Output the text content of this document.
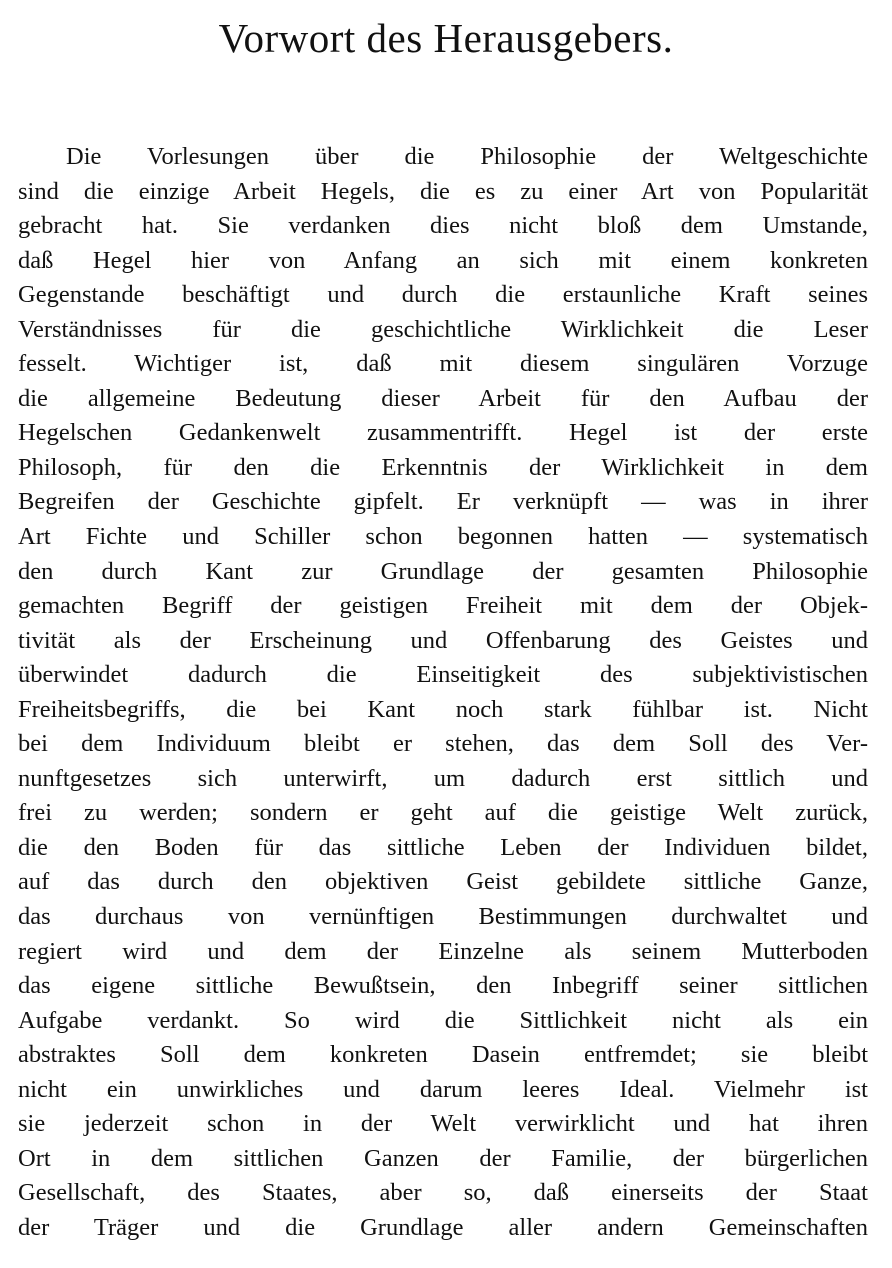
Vorwort des Herausgebers.
Die Vorlesungen über die Philosophie der Weltgeschichte
sind die einzige Arbeit Hegels, die es zu einer Art von Popularität
gebracht hat. Sie verdanken dies nicht bloß dem Umstande,
daß Hegel hier von Anfang an sich mit einem konkreten
Gegenstande beschäftigt und durch die erstaunliche Kraft seines
Verständnisses für die geschichtliche Wirklichkeit die Leser
fesselt. Wichtiger ist, daß mit diesem singulären Vorzuge
die allgemeine Bedeutung dieser Arbeit für den Aufbau der
Hegelschen Gedankenwelt zusammentrifft. Hegel ist der erste
Philosoph, für den die Erkenntnis der Wirklichkeit in dem
Begreifen der Geschichte gipfelt. Er verknüpft — was in ihrer
Art Fichte und Schiller schon begonnen hatten — systematisch
den durch Kant zur Grundlage der gesamten Philosophie
gemachten Begriff der geistigen Freiheit mit dem der Objek-
tivität als der Erscheinung und Offenbarung des Geistes und
überwindet dadurch die Einseitigkeit des subjektivistischen
Freiheitsbegriffs, die bei Kant noch stark fühlbar ist. Nicht
bei dem Individuum bleibt er stehen, das dem Soll des Ver-
nunftgesetzes sich unterwirft, um dadurch erst sittlich und
frei zu werden; sondern er geht auf die geistige Welt zurück,
die den Boden für das sittliche Leben der Individuen bildet,
auf das durch den objektiven Geist gebildete sittliche Ganze,
das durchaus von vernünftigen Bestimmungen durchwaltet und
regiert wird und dem der Einzelne als seinem Mutterboden
das eigene sittliche Bewußtsein, den Inbegriff seiner sittlichen
Aufgabe verdankt. So wird die Sittlichkeit nicht als ein
abstraktes Soll dem konkreten Dasein entfremdet; sie bleibt
nicht ein unwirkliches und darum leeres Ideal. Vielmehr ist
sie jederzeit schon in der Welt verwirklicht und hat ihren
Ort in dem sittlichen Ganzen der Familie, der bürgerlichen
Gesellschaft, des Staates, aber so, daß einerseits der Staat
der Träger und die Grundlage aller andern Gemeinschaften
